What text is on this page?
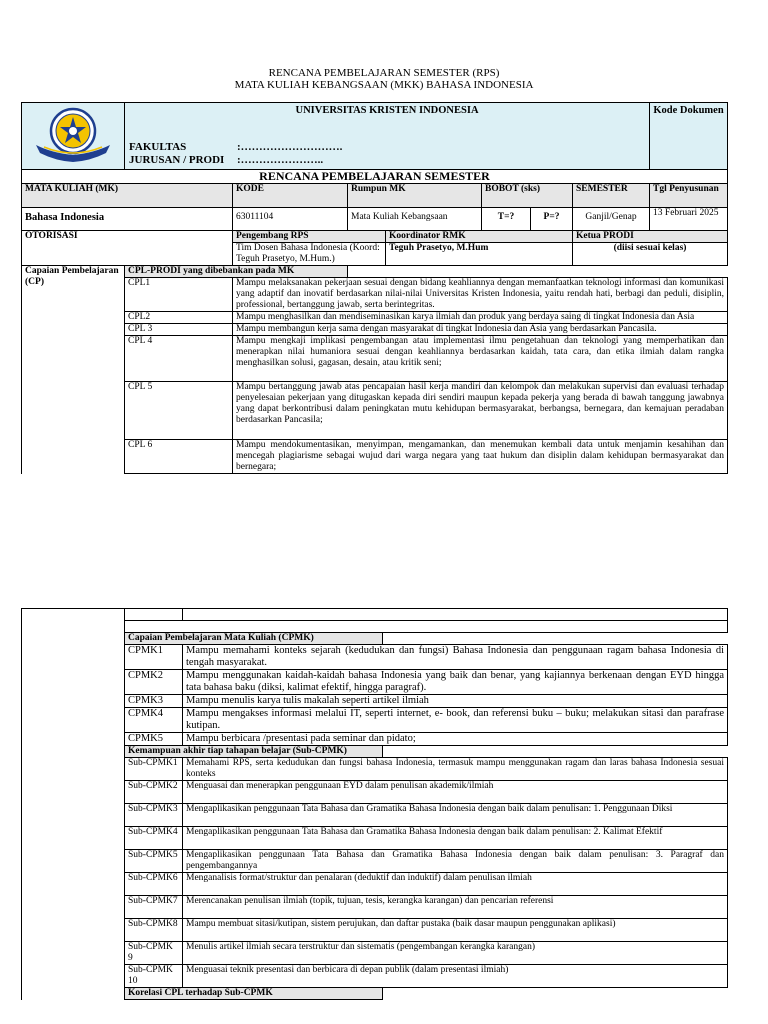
RENCANA PEMBELAJARAN SEMESTER (RPS)
MATA KULIAH KEBANGSAAN (MKK) BAHASA INDONESIA

UNIVERSITAS KRISTEN INDONESIA
FAKULTAS :……………………….
JURUSAN / PRODI :…………………..							Kode Dokumen
RENCANA PEMBELAJARAN SEMESTER								
MATA KULIAH (MK)		KODE	Rumpun MK		BOBOT (sks)		SEMESTER	Tgl Penyusunan
Bahasa Indonesia		63011104	Mata Kuliah Kebangsaan		T=?	P=?	Ganjil/Genap	13 Februari 2025
OTORISASI		Pengembang RPS		Koordinator RMK			Ketua PRODI	
		Tim Dosen Bahasa Indonesia (Koord: Teguh Prasetyo, M.Hum.)		Teguh Prasetyo, M.Hum			(diisi sesuai kelas)	
Capaian Pembelajaran (CP)	CPL-PRODI yang dibebankan pada MK							
	CPL1	Mampu melaksanakan pekerjaan sesuai dengan bidang keahliannya dengan memanfaatkan teknologi informasi dan komunikasi yang adaptif dan inovatif berdasarkan nilai-nilai Universitas Kristen Indonesia, yaitu rendah hati, berbagi dan peduli, disiplin, professional, bertanggung jawab, serta berintegritas.						
	CPL2	Mampu menghasilkan dan mendiseminasikan karya ilmiah dan produk yang berdaya saing di tingkat Indonesia dan Asia						
	CPL 3	Mampu membangun kerja sama dengan masyarakat di tingkat Indonesia dan Asia yang berdasarkan Pancasila.						
	CPL 4	Mampu mengkaji implikasi pengembangan atau implementasi ilmu pengetahuan dan teknologi yang memperhatikan dan menerapkan nilai humaniora sesuai dengan keahliannya berdasarkan kaidah, tata cara, dan etika ilmiah dalam rangka menghasilkan solusi, gagasan, desain, atau kritik seni;						
	CPL 5	Mampu bertanggung jawab atas pencapaian hasil kerja mandiri dan kelompok dan melakukan supervisi dan evaluasi terhadap penyelesaian pekerjaan yang ditugaskan kepada diri sendiri maupun kepada pekerja yang berada di bawah tanggung jawabnya yang dapat berkontribusi dalam peningkatan mutu kehidupan bermasyarakat, berbangsa, bernegara, dan kemajuan peradaban berdasarkan Pancasila;						
	CPL 6	Mampu mendokumentasikan, menyimpan, mengamankan, dan menemukan kembali data untuk menjamin kesahihan dan mencegah plagiarisme sebagai wujud dari warga negara yang taat hukum dan disiplin dalam kehidupan bermasyarakat dan bernegara;						

	Capaian Pembelajaran Mata Kuliah (CPMK)		
	CPMK1	Mampu memahami konteks sejarah (kedudukan dan fungsi) Bahasa Indonesia dan penggunaan ragam bahasa Indonesia di tengah masyarakat.	
	CPMK2	Mampu menggunakan kaidah-kaidah bahasa Indonesia yang baik dan benar, yang kajiannya berkenaan dengan EYD hingga tata bahasa baku (diksi, kalimat efektif, hingga paragraf).	
	CPMK3	Mampu menulis karya tulis makalah seperti artikel ilmiah	
	CPMK4	Mampu mengakses informasi melalui IT, seperti internet, e- book, dan referensi buku – buku; melakukan sitasi dan parafrase kutipan.	
	CPMK5	Mampu berbicara /presentasi pada seminar dan pidato;	
	Kemampuan akhir tiap tahapan belajar (Sub-CPMK)		
	Sub-CPMK1	Memahami RPS, serta kedudukan dan fungsi bahasa Indonesia, termasuk mampu menggunakan ragam dan laras bahasa Indonesia sesuai konteks	
	Sub-CPMK2	Menguasai dan menerapkan penggunaan EYD dalam penulisan akademik/ilmiah	
	Sub-CPMK3	Mengaplikasikan penggunaan Tata Bahasa dan Gramatika Bahasa Indonesia dengan baik dalam penulisan: 1. Penggunaan Diksi	
	Sub-CPMK4	Mengaplikasikan penggunaan Tata Bahasa dan Gramatika Bahasa Indonesia dengan baik dalam penulisan: 2. Kalimat Efektif	
	Sub-CPMK5	Mengaplikasikan penggunaan Tata Bahasa dan Gramatika Bahasa Indonesia dengan baik dalam penulisan: 3. Paragraf dan pengembangannya	
	Sub-CPMK6	Menganalisis format/struktur dan penalaran (deduktif dan induktif) dalam penulisan ilmiah	
	Sub-CPMK7	Merencanakan penulisan ilmiah (topik, tujuan, tesis, kerangka karangan) dan pencarian referensi	
	Sub-CPMK8	Mampu membuat sitasi/kutipan, sistem perujukan, dan daftar pustaka (baik dasar maupun penggunakan aplikasi)	
	Sub-CPMK 9	Menulis artikel ilmiah secara terstruktur dan sistematis (pengembangan kerangka karangan)	
	Sub-CPMK 10	Menguasai teknik presentasi dan berbicara di depan publik (dalam presentasi ilmiah)	
	Korelasi CPL terhadap Sub-CPMK		
